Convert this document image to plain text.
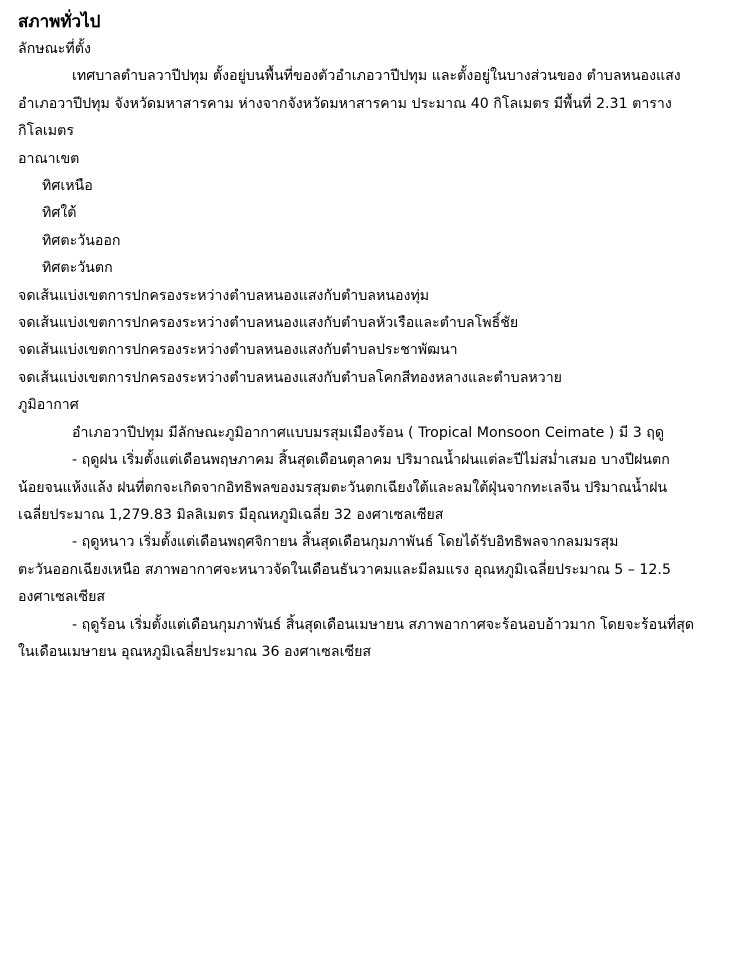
สภาพทั่วไป
ลักษณะที่ตั้ง
เทศบาลตำบลวาปีปทุม ตั้งอยู่บนพื้นที่ของตัวอำเภอวาปีปทุม และตั้งอยู่ในบางส่วนของ ตำบลหนองแสง
อำเภอวาปีปทุม จังหวัดมหาสารคาม ห่างจากจังหวัดมหาสารคาม ประมาณ 40 กิโลเมตร มีพื้นที่ 2.31 ตาราง
กิโลเมตร
อาณาเขต
ทิศเหนือ
ทิศใต้
ทิศตะวันออก
ทิศตะวันตก
จดเส้นแบ่งเขตการปกครองระหว่างตำบลหนองแสงกับตำบลหนองทุ่ม
จดเส้นแบ่งเขตการปกครองระหว่างตำบลหนองแสงกับตำบลหัวเรือและตำบลโพธิ์ชัย
จดเส้นแบ่งเขตการปกครองระหว่างตำบลหนองแสงกับตำบลประชาพัฒนา
จดเส้นแบ่งเขตการปกครองระหว่างตำบลหนองแสงกับตำบลโคกสีทองหลางและตำบลหวาย
ภูมิอากาศ
อำเภอวาปีปทุม มีลักษณะภูมิอากาศแบบมรสุมเมืองร้อน ( Tropical Monsoon Ceimate ) มี 3 ฤดู
- ฤดูฝน เริ่มตั้งแต่เดือนพฤษภาคม สิ้นสุดเดือนตุลาคม ปริมาณน้ำฝนแต่ละปีไม่สม่ำเสมอ บางปีฝนตก
น้อยจนแห้งแล้ง ฝนที่ตกจะเกิดจากอิทธิพลของมรสุมตะวันตกเฉียงใต้และลมใต้ฝุ่นจากทะเลจีน ปริมาณน้ำฝน
เฉลี่ยประมาณ 1,279.83 มิลลิเมตร มีอุณหภูมิเฉลี่ย 32 องศาเซลเซียส
- ฤดูหนาว เริ่มตั้งแต่เดือนพฤศจิกายน สิ้นสุดเดือนกุมภาพันธ์ โดยได้รับอิทธิพลจากลมมรสุม
ตะวันออกเฉียงเหนือ สภาพอากาศจะหนาวจัดในเดือนธันวาคมและมีลมแรง อุณหภูมิเฉลี่ยประมาณ 5 – 12.5
องศาเซลเซียส
- ฤดูร้อน เริ่มตั้งแต่เดือนกุมภาพันธ์ สิ้นสุดเดือนเมษายน สภาพอากาศจะร้อนอบอ้าวมาก โดยจะร้อนที่สุด
ในเดือนเมษายน อุณหภูมิเฉลี่ยประมาณ 36 องศาเซลเซียส
